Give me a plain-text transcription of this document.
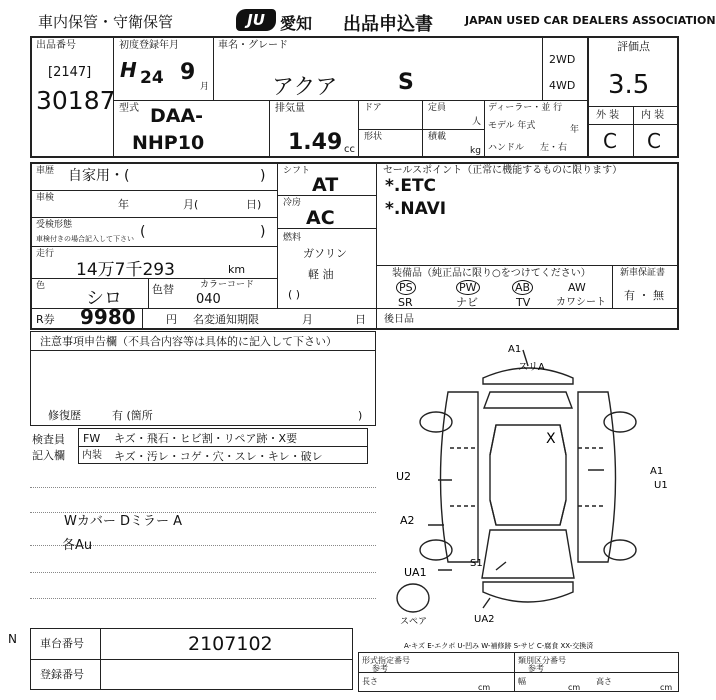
車内保管・守衛保管	JU 愛知 出品申込書	JAPAN USED CAR DEALERS ASSOCIATION
出品番号
[2147]
30187
初度登録年月
H 24 9
月
車名・グレード
アクア	S
2WD
4WD
評価点
3.5
外 装 内 装
C C
型式 DAA-
NHP10
排気量
1.49 cc
ドア	定員
人
形状	積載
kg
ディーラー・並 行
モデル 年式	年
ハンドル 左・右
車歴 自家用・(	)
車検	年	月(	日)
受検形態
車検付きの場合記入して下さい (	)
走行
14万7千293	km
色
シロ	色替	カラーコード
040
シフト
AT
冷房
AC
燃料
ガソリン
軽 油
( )
セールスポイント（正常に機能するものに限ります）
*.ETC
*.NAVI
装備品（純正品に限り○をつけてください）
PS	PW	AB	AW
SR	ナビ	TV	カワシート
新車保証書
有 ・ 無
R券 9980	円 名変通知期限	月	日 後日品
注意事項申告欄（不具合内容等は具体的に記入して下さい）
修復歴	有 (箇所	)
検査員
記入欄
FW キズ・飛石・ヒビ割・リペア跡・X要
内装 キズ・汚レ・コゲ・穴・スレ・キレ・破レ
Wカバー Dミラー A
各Au
A1
スリA
X
U2
A2
UA1
S1
A1
U1
UA2
スペア
A-キズ E-エクボ U-凹み W-補修跡 S-サビ C-腐食 XX-交換済
N 車台番号	2107102
登録番号
形式指定番号
参考
類別区分番号
参考
長さ
cm
幅
cm
高さ
cm
